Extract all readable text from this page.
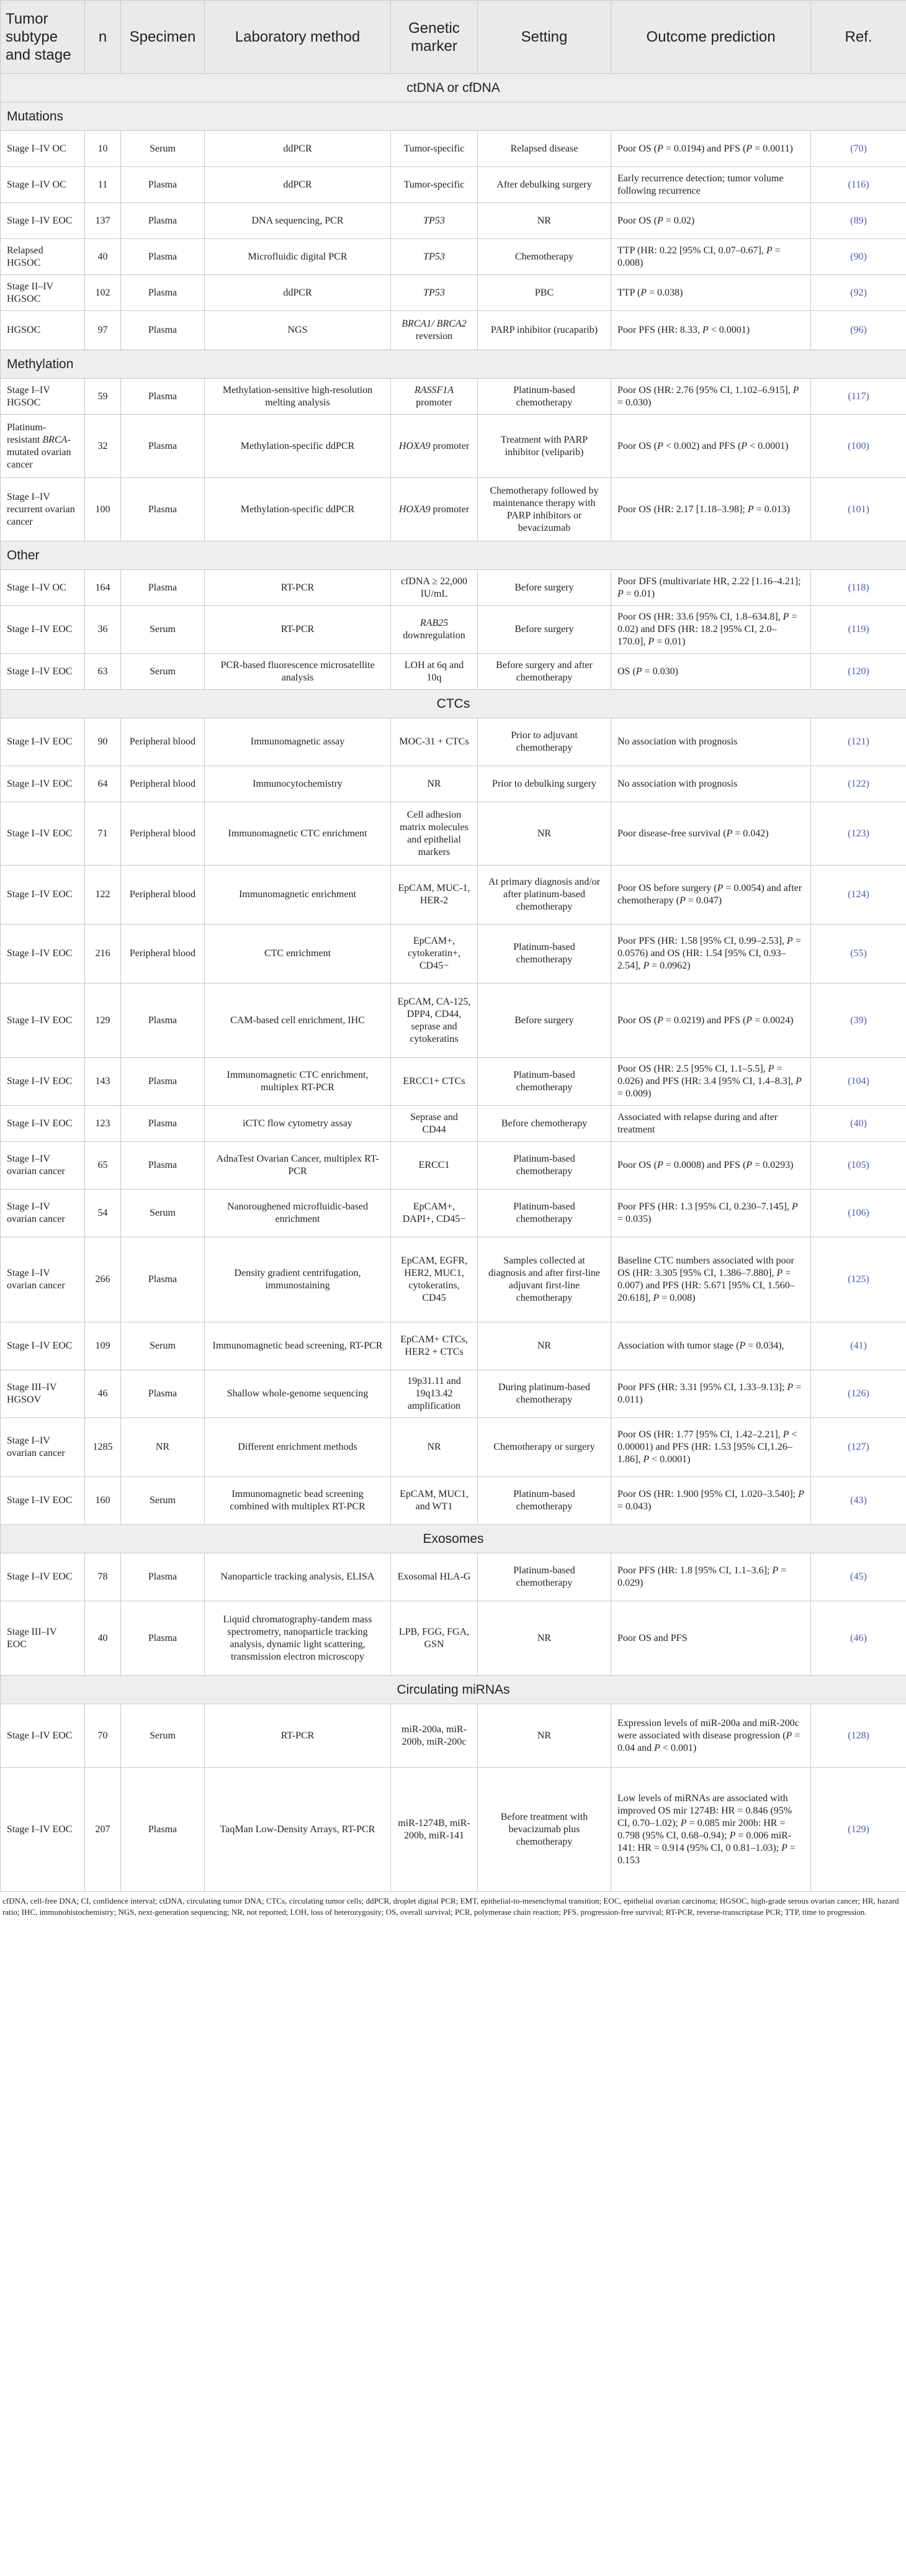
Tumor subtype and stage	n	Specimen	Laboratory method	Genetic marker	Setting	Outcome prediction	Ref.
ctDNA or cfDNA							
Mutations							
Stage I–IV OC	10	Serum	ddPCR	Tumor-specific	Relapsed disease	Poor OS (P = 0.0194) and PFS (P = 0.0011)	(70)
Stage I–IV OC	11	Plasma	ddPCR	Tumor-specific	After debulking surgery	Early recurrence detection; tumor volume following recurrence	(116)
Stage I–IV EOC	137	Plasma	DNA sequencing, PCR	TP53	NR	Poor OS (P = 0.02)	(89)
Relapsed HGSOC	40	Plasma	Microfluidic digital PCR	TP53	Chemotherapy	TTP (HR: 0.22 [95% CI, 0.07–0.67], P = 0.008)	(90)
Stage II–IV HGSOC	102	Plasma	ddPCR	TP53	PBC	TTP (P = 0.038)	(92)
HGSOC	97	Plasma	NGS	BRCA1/ BRCA2 reversion	PARP inhibitor (rucaparib)	Poor PFS (HR: 8.33, P < 0.0001)	(96)
Methylation							
Stage I–IV HGSOC	59	Plasma	Methylation-sensitive high-resolution melting analysis	RASSF1A promoter	Platinum-based chemotherapy	Poor OS (HR: 2.76 [95% CI, 1.102–6.915], P = 0.030)	(117)
Platinum-resistant BRCA-mutated ovarian cancer	32	Plasma	Methylation-specific ddPCR	HOXA9 promoter	Treatment with PARP inhibitor (veliparib)	Poor OS (P < 0.002) and PFS (P < 0.0001)	(100)
Stage I–IV recurrent ovarian cancer	100	Plasma	Methylation-specific ddPCR	HOXA9 promoter	Chemotherapy followed by maintenance therapy with PARP inhibitors or bevacizumab	Poor OS (HR: 2.17 [1.18–3.98]; P = 0.013)	(101)
Other							
Stage I–IV OC	164	Plasma	RT-PCR	cfDNA ≥ 22,000 IU/mL	Before surgery	Poor DFS (multivariate HR, 2.22 [1.16–4.21]; P = 0.01)	(118)
Stage I–IV EOC	36	Serum	RT-PCR	RAB25 downregulation	Before surgery	Poor OS (HR: 33.6 [95% CI, 1.8–634.8], P = 0.02) and DFS (HR: 18.2 [95% CI, 2.0–170.0], P = 0.01)	(119)
Stage I–IV EOC	63	Serum	PCR-based fluorescence microsatellite analysis	LOH at 6q and 10q	Before surgery and after chemotherapy	OS (P = 0.030)	(120)
CTCs							
Stage I–IV EOC	90	Peripheral blood	Immunomagnetic assay	MOC-31 + CTCs	Prior to adjuvant chemotherapy	No association with prognosis	(121)
Stage I–IV EOC	64	Peripheral blood	Immunocytochemistry	NR	Prior to debulking surgery	No association with prognosis	(122)
Stage I–IV EOC	71	Peripheral blood	Immunomagnetic CTC enrichment	Cell adhesion matrix molecules and epithelial markers	NR	Poor disease-free survival (P = 0.042)	(123)
Stage I–IV EOC	122	Peripheral blood	Immunomagnetic enrichment	EpCAM, MUC-1, HER-2	At primary diagnosis and/or after platinum-based chemotherapy	Poor OS before surgery (P = 0.0054) and after chemotherapy (P = 0.047)	(124)
Stage I–IV EOC	216	Peripheral blood	CTC enrichment	EpCAM+, cytokeratin+, CD45−	Platinum-based chemotherapy	Poor PFS (HR: 1.58 [95% CI, 0.99–2.53], P = 0.0576) and OS (HR: 1.54 [95% CI, 0.93–2.54], P = 0.0962)	(55)
Stage I–IV EOC	129	Plasma	CAM-based cell enrichment, IHC	EpCAM, CA-125, DPP4, CD44, seprase and cytokeratins	Before surgery	Poor OS (P = 0.0219) and PFS (P = 0.0024)	(39)
Stage I–IV EOC	143	Plasma	Immunomagnetic CTC enrichment, multiplex RT-PCR	ERCC1+ CTCs	Platinum-based chemotherapy	Poor OS (HR: 2.5 [95% CI, 1.1–5.5], P = 0.026) and PFS (HR: 3.4 [95% CI, 1.4–8.3], P = 0.009)	(104)
Stage I–IV EOC	123	Plasma	iCTC flow cytometry assay	Seprase and CD44	Before chemotherapy	Associated with relapse during and after treatment	(40)
Stage I–IV ovarian cancer	65	Plasma	AdnaTest Ovarian Cancer, multiplex RT-PCR	ERCC1	Platinum-based chemotherapy	Poor OS (P = 0.0008) and PFS (P = 0.0293)	(105)
Stage I–IV ovarian cancer	54	Serum	Nanoroughened microfluidic-based enrichment	EpCAM+, DAPI+, CD45−	Platinum-based chemotherapy	Poor PFS (HR: 1.3 [95% CI, 0.230–7.145], P = 0.035)	(106)
Stage I–IV ovarian cancer	266	Plasma	Density gradient centrifugation, immunostaining	EpCAM, EGFR, HER2, MUC1, cytokeratins, CD45	Samples collected at diagnosis and after first-line adjuvant first-line chemotherapy	Baseline CTC numbers associated with poor OS (HR: 3.305 [95% CI, 1.386–7.880], P = 0.007) and PFS (HR: 5.671 [95% CI, 1.560–20.618], P = 0.008)	(125)
Stage I–IV EOC	109	Serum	Immunomagnetic bead screening, RT-PCR	EpCAM+ CTCs, HER2 + CTCs	NR	Association with tumor stage (P = 0.034),	(41)
Stage III–IV HGSOV	46	Plasma	Shallow whole-genome sequencing	19p31.11 and 19q13.42 amplification	During platinum-based chemotherapy	Poor PFS (HR: 3.31 [95% CI, 1.33–9.13]; P = 0.011)	(126)
Stage I–IV ovarian cancer	1285	NR	Different enrichment methods	NR	Chemotherapy or surgery	Poor OS (HR: 1.77 [95% CI, 1.42–2.21], P < 0.00001) and PFS (HR: 1.53 [95% CI,1.26–1.86], P < 0.0001)	(127)
Stage I–IV EOC	160	Serum	Immunomagnetic bead screening combined with multiplex RT-PCR	EpCAM, MUC1, and WT1	Platinum-based chemotherapy	Poor OS (HR: 1.900 [95% CI, 1.020–3.540]; P = 0.043)	(43)
Exosomes							
Stage I–IV EOC	78	Plasma	Nanoparticle tracking analysis, ELISA	Exosomal HLA-G	Platinum-based chemotherapy	Poor PFS (HR: 1.8 [95% CI, 1.1–3.6]; P = 0.029)	(45)
Stage III–IV EOC	40	Plasma	Liquid chromatography-tandem mass spectrometry, nanoparticle tracking analysis, dynamic light scattering, transmission electron microscopy	LPB, FGG, FGA, GSN	NR	Poor OS and PFS	(46)
Circulating miRNAs							
Stage I–IV EOC	70	Serum	RT-PCR	miR-200a, miR-200b, miR-200c	NR	Expression levels of miR-200a and miR-200c were associated with disease progression (P = 0.04 and P < 0.001)	(128)
Stage I–IV EOC	207	Plasma	TaqMan Low-Density Arrays, RT-PCR	miR-1274B, miR-200b, miR-141	Before treatment with bevacizumab plus chemotherapy	Low levels of miRNAs are associated with improved OS mir 1274B: HR = 0.846 (95% CI, 0.70–1.02); P = 0.085 mir 200b: HR = 0.798 (95% CI, 0.68–0.94); P = 0.006 miR-141: HR = 0.914 (95% CI, 0 0.81–1.03); P = 0.153	(129)
cfDNA, cell-free DNA; CI, confidence interval; ctDNA, circulating tumor DNA; CTCs, circulating tumor cells; ddPCR, droplet digital PCR; EMT, epithelial-to-mesenchymal transition; EOC, epithelial ovarian carcinoma; HGSOC, high-grade serous ovarian cancer; HR, hazard ratio; IHC, immunohistochemistry; NGS, next-generation sequencing; NR, not reported; LOH, loss of heterozygosity; OS, overall survival; PCR, polymerase chain reaction; PFS, progression-free survival; RT-PCR, reverse-transcriptase PCR; TTP, time to progression.
